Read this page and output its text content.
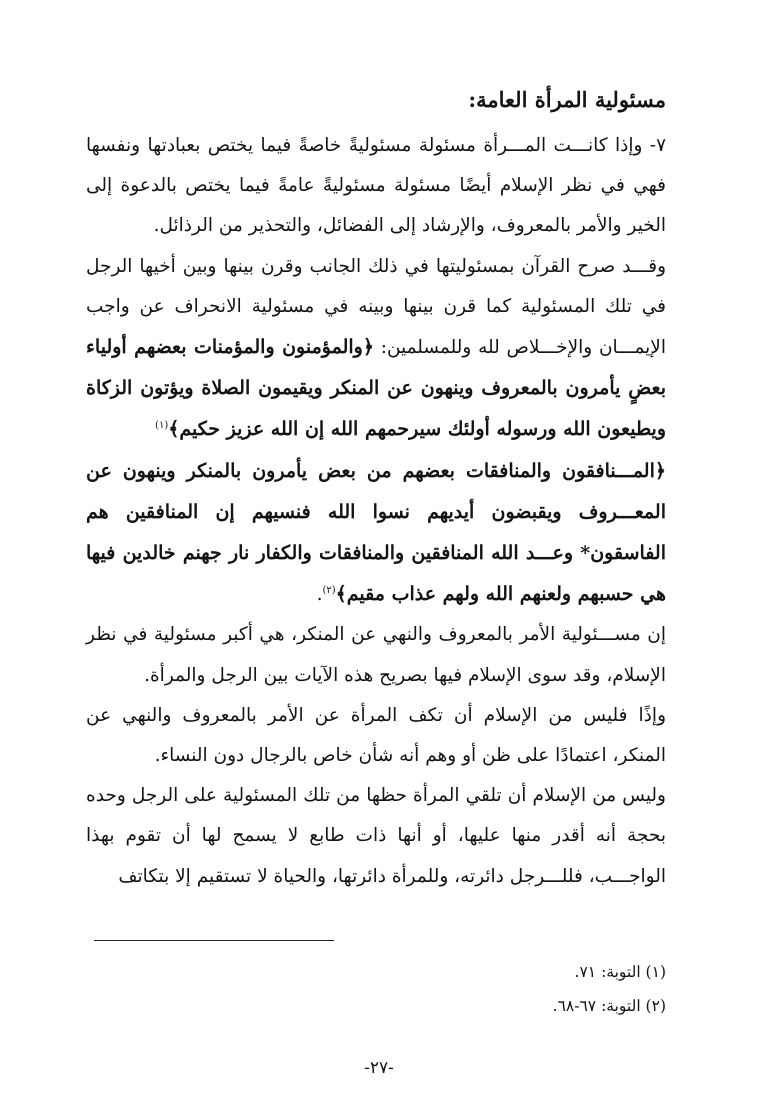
مسئولية المرأة العامة:

٧- وإذا كانـــت المـــرأة مسئولة مسئوليةً خاصةً فيما يختص بعبادتها ونفسها فهي في نظر الإسلام أيضًا مسئولة مسئوليةً عامةً فيما يختص بالدعوة إلى الخير والأمر بالمعروف، والإرشاد إلى الفضائل، والتحذير من الرذائل.

وقـــد صرح القرآن بمسئوليتها في ذلك الجانب وقرن بينها وبين أخيها الرجل في تلك المسئولية كما قرن بينها وبينه في مسئولية الانحراف عن واجب الإيمـــان والإخـــلاص لله وللمسلمين: ﴿والمؤمنون والمؤمنات بعضهم أولياء بعضٍ يأمرون بالمعروف وينهون عن المنكر ويقيمون الصلاة ويؤتون الزكاة ويطيعون الله ورسوله أولئك سيرحمهم الله إن الله عزيز حكيم﴾$^{(١)}$

﴿المـــنافقون والمنافقات بعضهم من بعض يأمرون بالمنكر وينهون عن المعـــروف ويقبضون أيديهم نسوا الله فنسيهم إن المنافقين هم الفاسقون* وعـــد الله المنافقين والمنافقات والكفار نار جهنم خالدين فيها هي حسبهم ولعنهم الله ولهم عذاب مقيم﴾$^{(٢)}$.

إن مســـئولية الأمر بالمعروف والنهي عن المنكر، هي أكبر مسئولية في نظر الإسلام، وقد سوى الإسلام فيها بصريح هذه الآيات بين الرجل والمرأة.

وإذًا فليس من الإسلام أن تكف المرأة عن الأمر بالمعروف والنهي عن المنكر، اعتمادًا على ظن أو وهم أنه شأن خاص بالرجال دون النساء.

وليس من الإسلام أن تلقي المرأة حظها من تلك المسئولية على الرجل وحده بحجة أنه أقدر منها عليها، أو أنها ذات طابع لا يسمح لها أن تقوم بهذا الواجـــب، فللـــرجل دائرته، وللمرأة دائرتها، والحياة لا تستقيم إلا بتكاتف

(١) التوبة: ٧١.
(٢) التوبة: ٦٧-٦٨.
-٢٧-
